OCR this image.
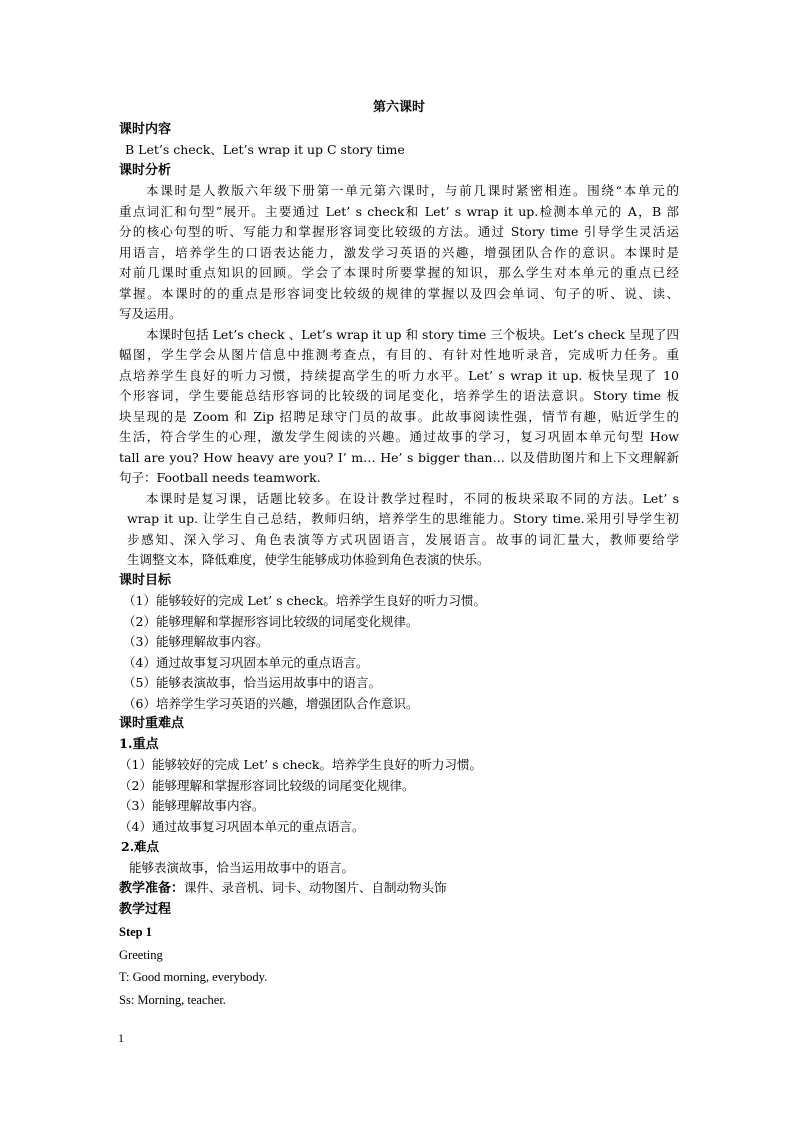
第六课时
课时内容
B Let’s check、Let’s wrap it up C story time
课时分析
本课时是人教版六年级下册第一单元第六课时，与前几课时紧密相连。围绕“本单元的
重点词汇和句型”展开。主要通过 Let’ s check和 Let’ s wrap it up.检测本单元的 A，B 部
分的核心句型的听、写能力和掌握形容词变比较级的方法。通过 Story time 引导学生灵活运
用语言，培养学生的口语表达能力，激发学习英语的兴趣，增强团队合作的意识。本课时是
对前几课时重点知识的回顾。学会了本课时所要掌握的知识，那么学生对本单元的重点已经
掌握。本课时的的重点是形容词变比较级的规律的掌握以及四会单词、句子的听、说、读、
写及运用。
本课时包括 Let’s check 、Let’s wrap it up 和 story time 三个板块。Let’s check 呈现了四
幅图，学生学会从图片信息中推测考查点，有目的、有针对性地听录音，完成听力任务。重
点培养学生良好的听力习惯，持续提高学生的听力水平。Let’ s wrap it up. 板快呈现了 10
个形容词，学生要能总结形容词的比较级的词尾变化，培养学生的语法意识。Story time 板
块呈现的是 Zoom 和 Zip 招聘足球守门员的故事。此故事阅读性强，情节有趣，贴近学生的
生活，符合学生的心理，激发学生阅读的兴趣。通过故事的学习，复习巩固本单元句型 How
tall are you? How heavy are you? I’ m… He’ s bigger than… 以及借助图片和上下文理解新
句子：Football needs teamwork.
本课时是复习课，话题比较多。在设计教学过程时，不同的板块采取不同的方法。Let’ s
wrap it up. 让学生自己总结，教师归纳，培养学生的思维能力。Story time.采用引导学生初
步感知、深入学习、角色表演等方式巩固语言，发展语言。故事的词汇量大，教师要给学
生调整文本，降低难度，使学生能够成功体验到角色表演的快乐。
课时目标
（1）能够较好的完成 Let’ s check。培养学生良好的听力习惯。
（2）能够理解和掌握形容词比较级的词尾变化规律。
（3）能够理解故事内容。
（4）通过故事复习巩固本单元的重点语言。
（5）能够表演故事，恰当运用故事中的语言。
（6）培养学生学习英语的兴趣，增强团队合作意识。
课时重难点
1.重点
（1）能够较好的完成 Let’ s check。培养学生良好的听力习惯。
（2）能够理解和掌握形容词比较级的词尾变化规律。
（3）能够理解故事内容。
（4）通过故事复习巩固本单元的重点语言。
2.难点
能够表演故事，恰当运用故事中的语言。
教学准备：课件、录音机、词卡、动物图片、自制动物头饰
教学过程
Step 1
Greeting
T: Good morning, everybody.
Ss: Morning, teacher.
1
